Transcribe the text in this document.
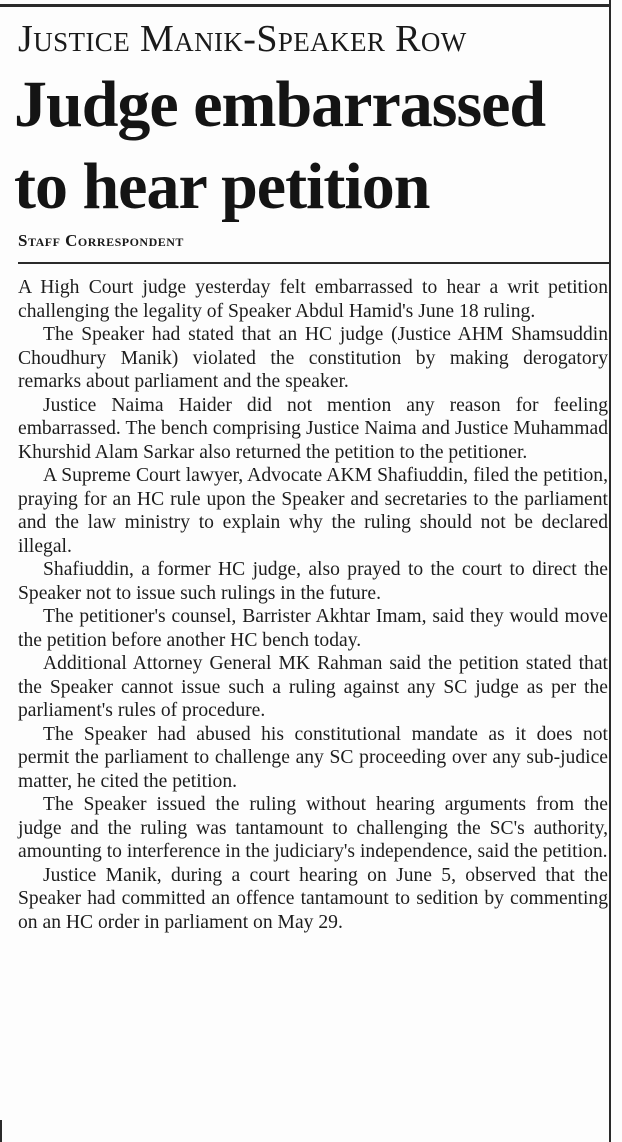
Justice Manik-Speaker Row
Judge embarrassed
to hear petition
Staff Correspondent

A High Court judge yesterday felt embarrassed to hear a writ petition challenging the legality of Speaker Abdul Hamid's June 18 ruling.

The Speaker had stated that an HC judge (Justice AHM Shamsuddin Choudhury Manik) violated the constitution by making derogatory remarks about parliament and the speaker.

Justice Naima Haider did not mention any reason for feeling embarrassed. The bench comprising Justice Naima and Justice Muhammad Khurshid Alam Sarkar also returned the petition to the petitioner.

A Supreme Court lawyer, Advocate AKM Shafiuddin, filed the petition, praying for an HC rule upon the Speaker and secretaries to the parliament and the law ministry to explain why the ruling should not be declared illegal.

Shafiuddin, a former HC judge, also prayed to the court to direct the Speaker not to issue such rulings in the future.

The petitioner's counsel, Barrister Akhtar Imam, said they would move the petition before another HC bench today.

Additional Attorney General MK Rahman said the petition stated that the Speaker cannot issue such a ruling against any SC judge as per the parliament's rules of procedure.

The Speaker had abused his constitutional mandate as it does not permit the parliament to challenge any SC proceeding over any sub-judice matter, he cited the petition.

The Speaker issued the ruling without hearing arguments from the judge and the ruling was tantamount to challenging the SC's authority, amounting to interference in the judiciary's independence, said the petition.

Justice Manik, during a court hearing on June 5, observed that the Speaker had committed an offence tantamount to sedition by commenting on an HC order in parliament on May 29.
